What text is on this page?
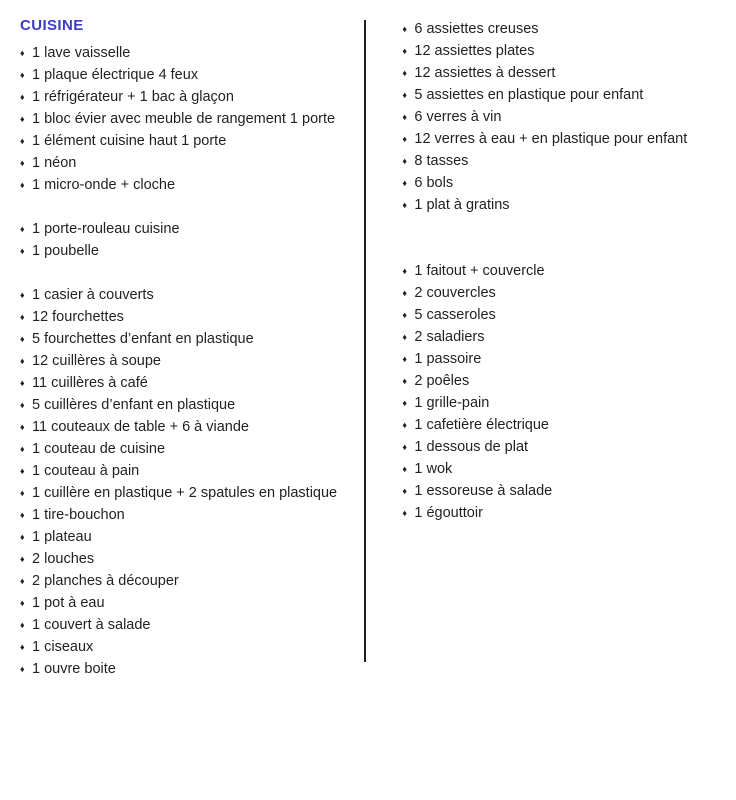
CUISINE
♦ 1 lave vaisselle
♦ 1 plaque électrique 4 feux
♦ 1 réfrigérateur + 1 bac à glaçon
♦ 1 bloc évier avec meuble de rangement 1 porte
♦ 1 élément cuisine haut 1 porte
♦ 1 néon
♦ 1 micro-onde + cloche
♦ 1 porte-rouleau cuisine
♦ 1 poubelle
♦ 1 casier à couverts
♦ 12 fourchettes
♦ 5 fourchettes d’enfant en plastique
♦ 12 cuillères à soupe
♦ 11 cuillères à café
♦ 5 cuillères d’enfant en plastique
♦ 11 couteaux de table + 6 à viande
♦ 1 couteau de cuisine
♦ 1 couteau à pain
♦ 1 cuillère en plastique + 2 spatules en plastique
♦ 1 tire-bouchon
♦ 1 plateau
♦ 2 louches
♦ 2 planches à découper
♦ 1 pot à eau
♦ 1 couvert à salade
♦ 1 ciseaux
♦ 1 ouvre boite
♦ 6 assiettes creuses
♦ 12 assiettes plates
♦ 12 assiettes à dessert
♦ 5 assiettes en plastique pour enfant
♦ 6 verres à vin
♦ 12 verres à eau + en plastique pour enfant
♦ 8 tasses
♦ 6 bols
♦ 1 plat à gratins
♦ 1 faitout + couvercle
♦ 2 couvercles
♦ 5 casseroles
♦ 2 saladiers
♦ 1 passoire
♦ 2 poêles
♦ 1 grille-pain
♦ 1 cafetière électrique
♦ 1 dessous de plat
♦ 1 wok
♦ 1 essoreuse à salade
♦ 1 égouttoir
